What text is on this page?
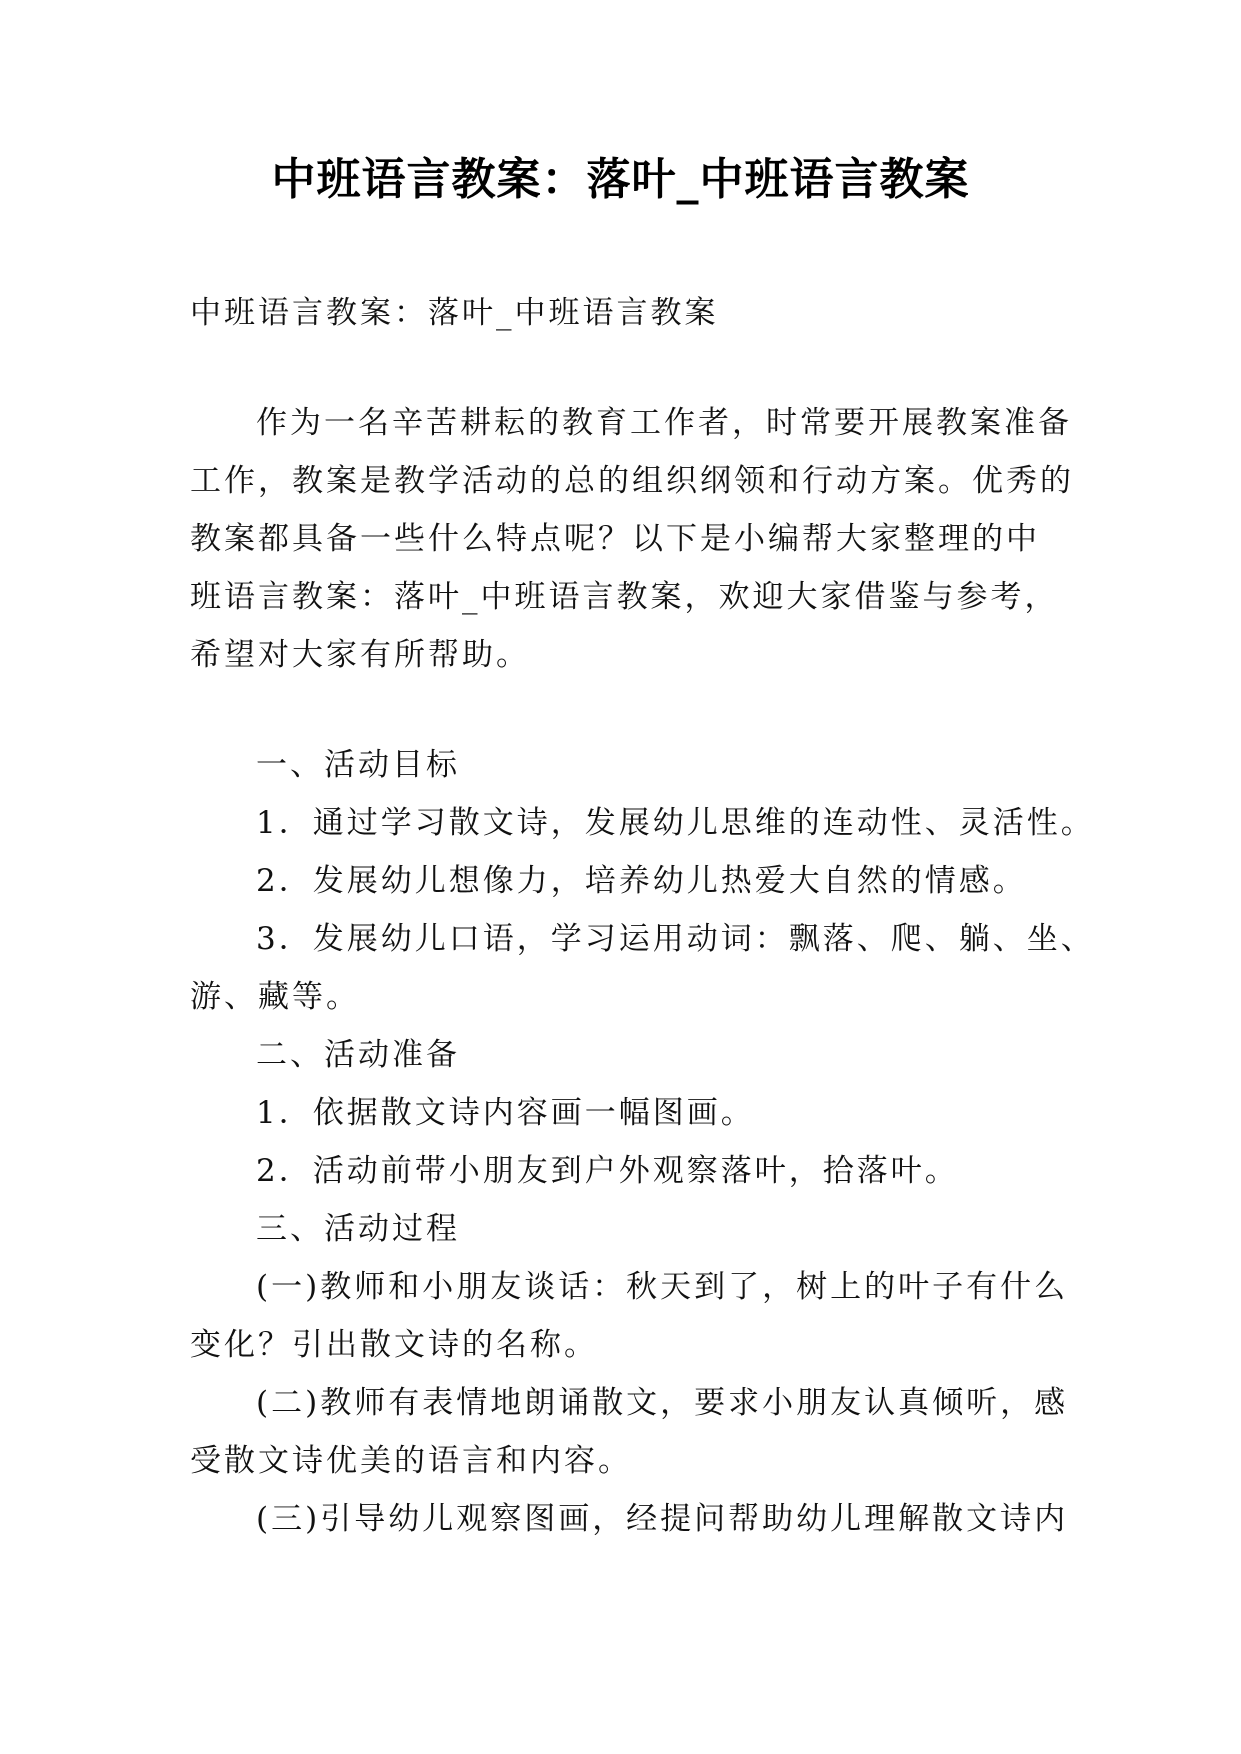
中班语言教案：落叶_中班语言教案
中班语言教案：落叶_中班语言教案
作为一名辛苦耕耘的教育工作者，时常要开展教案准备
工作，教案是教学活动的总的组织纲领和行动方案。优秀的
教案都具备一些什么特点呢？以下是小编帮大家整理的中
班语言教案：落叶_中班语言教案，欢迎大家借鉴与参考，
希望对大家有所帮助。
一、活动目标
1．通过学习散文诗，发展幼儿思维的连动性、灵活性。
2．发展幼儿想像力，培养幼儿热爱大自然的情感。
3．发展幼儿口语，学习运用动词：飘落、爬、躺、坐、
游、藏等。
二、活动准备
1．依据散文诗内容画一幅图画。
2．活动前带小朋友到户外观察落叶，拾落叶。
三、活动过程
(一)教师和小朋友谈话：秋天到了，树上的叶子有什么
变化？引出散文诗的名称。
(二)教师有表情地朗诵散文，要求小朋友认真倾听，感
受散文诗优美的语言和内容。
(三)引导幼儿观察图画，经提问帮助幼儿理解散文诗内
